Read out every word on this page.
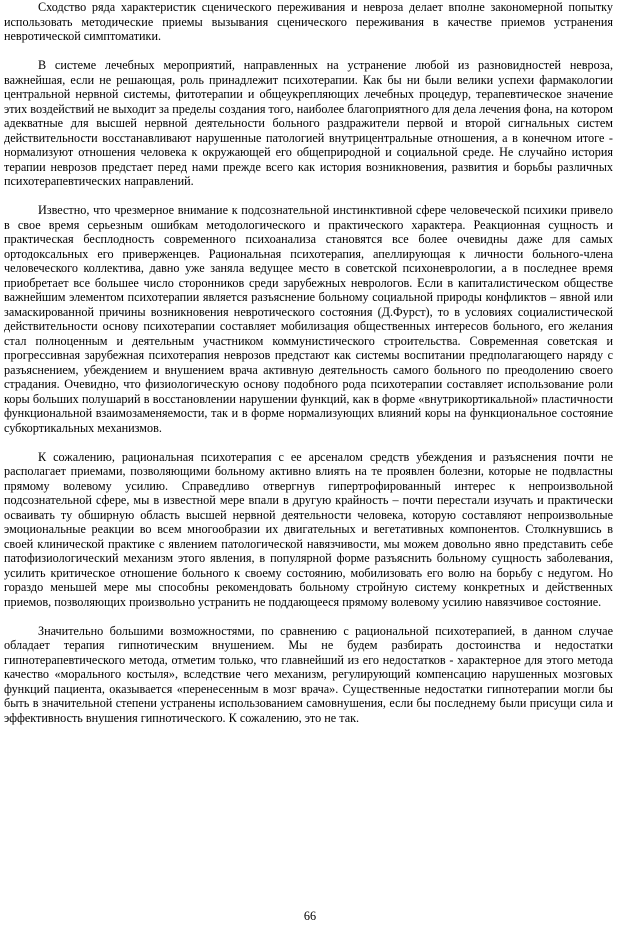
Сходство ряда характеристик сценического переживания и невроза делает вполне закономерной попытку использовать методические приемы вызывания сценического переживания в качестве приемов устранения невротической симптоматики.

В системе лечебных мероприятий, направленных на устранение любой из разновидностей невроза, важнейшая, если не решающая, роль принадлежит психотерапии. Как бы ни были велики успехи фармакологии центральной нервной системы, фитотерапии и общеукрепляющих лечебных процедур, терапевтическое значение этих воздействий не выходит за пределы создания того, наиболее благоприятного для дела лечения фона, на котором адекватные для высшей нервной деятельности больного раздражители первой и второй сигнальных систем действительности восстанавливают нарушенные патологией внутрицентральные отношения, а в конечном итоге - нормализуют отношения человека к окружающей его общеприродной и социальной среде. Не случайно история терапии неврозов предстает перед нами прежде всего как история возникновения, развития и борьбы различных психотерапевтических направлений.

Известно, что чрезмерное внимание к подсознательной инстинктивной сфере человеческой психики привело в свое время серьезным ошибкам методологического и практического характера. Реакционная сущность и практическая бесплодность современного психоанализа становятся все более очевидны даже для самых ортодоксальных его приверженцев. Рациональная психотерапия, апеллирующая к личности больного-члена человеческого коллектива, давно уже заняла ведущее место в советской психоневрологии, а в последнее время приобретает все большее число сторонников среди зарубежных неврологов. Если в капиталистическом обществе важнейшим элементом психотерапии является разъяснение больному социальной природы конфликтов – явной или замаскированной причины возникновения невротического состояния (Д.Фурст), то в условиях социалистической действительности основу психотерапии составляет мобилизация общественных интересов больного, его желания стал полноценным и деятельным участником коммунистического строительства. Современная советская и прогрессивная зарубежная психотерапия неврозов предстают как системы воспитании предполагающего наряду с разъяснением, убеждением и внушением врача активную деятельность самого больного по преодолению своего страдания. Очевидно, что физиологическую основу подобного рода психотерапии составляет использование роли коры больших полушарий в восстановлении нарушении функций, как в форме «внутрикортикальной» пластичности функциональной взаимозаменяемости, так и в форме нормализующих влияний коры на функциональное состояние субкортикальных механизмов.

К сожалению, рациональная психотерапия с ее арсеналом средств убеждения и разъяснения почти не располагает приемами, позволяющими больному активно влиять на те проявлен болезни, которые не подвластны прямому волевому усилию. Справедливо отвергнув гипертрофированный интерес к непроизвольной подсознательной сфере, мы в известной мере впали в другую крайность – почти перестали изучать и практически осваивать ту обширную область высшей нервной деятельности человека, которую составляют непроизвольные эмоциональные реакции во всем многообразии их двигательных и вегетативных компонентов. Столкнувшись в своей клинической практике с явлением патологической навязчивости, мы можем довольно явно представить себе патофизиологический механизм этого явления, в популярной форме разъяснить больному сущность заболевания, усилить критическое отношение больного к своему состоянию, мобилизовать его волю на борьбу с недугом. Но гораздо меньшей мере мы способны рекомендовать больному стройную систему конкретных и действенных приемов, позволяющих произвольно устранить не поддающееся прямому волевому усилию навязчивое состояние.

Значительно большими возможностями, по сравнению с рациональной психотерапией, в данном случае обладает терапия гипнотическим внушением. Мы не будем разбирать достоинства и недостатки гипнотерапевтического метода, отметим только, что главнейший из его недостатков - характерное для этого метода качество «морального костыля», вследствие чего механизм, регулирующий компенсацию нарушенных мозговых функций пациента, оказывается «перенесенным в мозг врача». Существенные недостатки гипнотерапии могли бы быть в значительной степени устранены использованием самовнушения, если бы последнему были присущи сила и эффективность внушения гипнотического. К сожалению, это не так.

66
